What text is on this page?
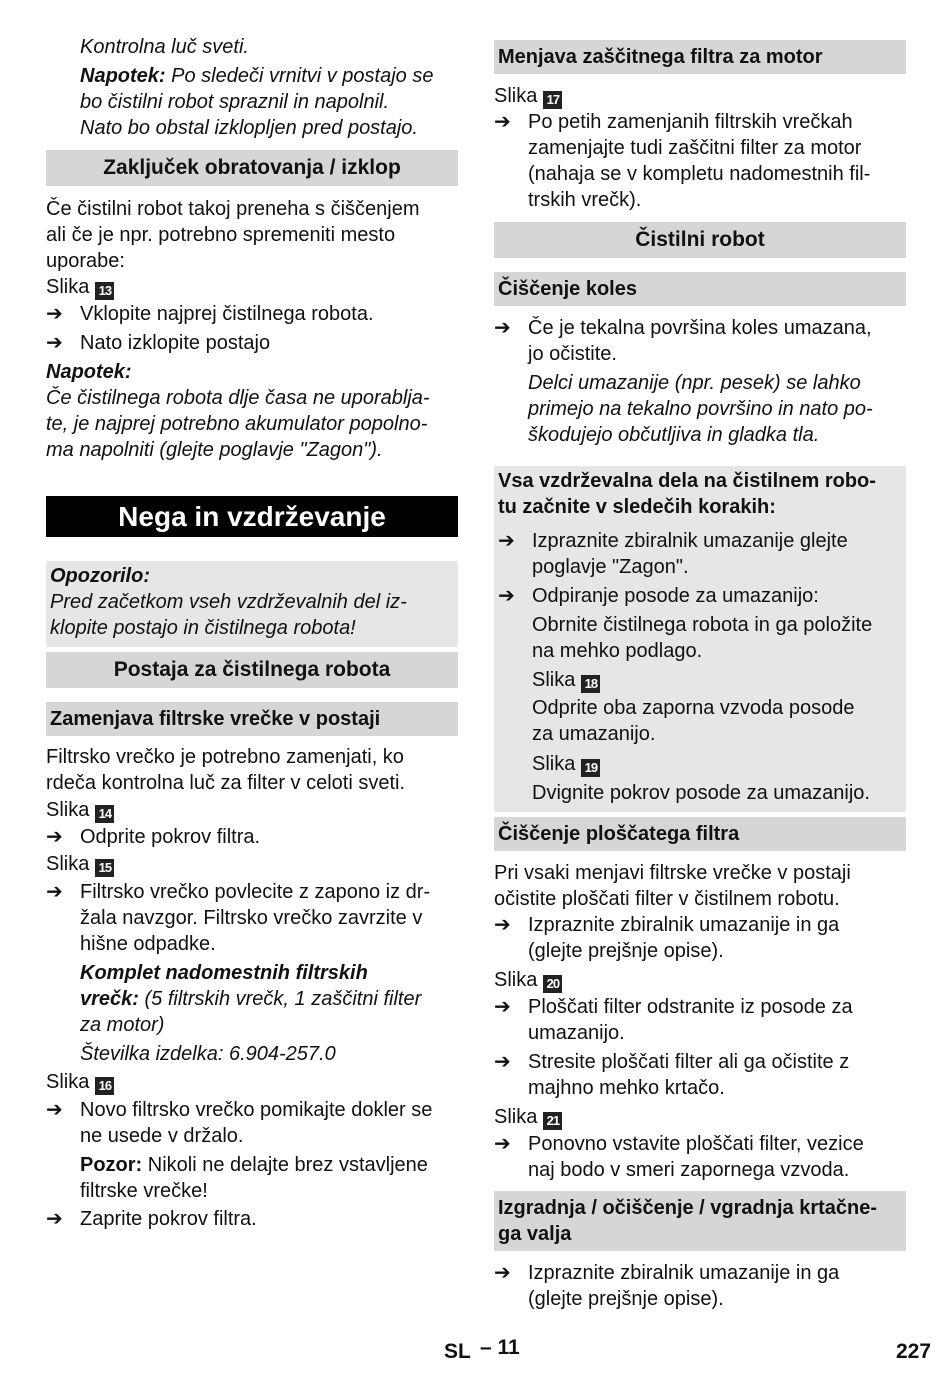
Kontrolna luč sveti.

Napotek: Po sledeči vrnitvi v postajo se

bo čistilni robot spraznil in napolnil.

Nato bo obstal izklopljen pred postajo.

Zaključek obratovanja / izklop

Če čistilni robot takoj preneha s čiščenjem

ali če je npr. potrebno spremeniti mesto

uporabe:

Slika 13

➔ Vklopite najprej čistilnega robota.

➔ Nato izklopite postajo

Napotek:

Če čistilnega robota dlje časa ne uporablja-

te, je najprej potrebno akumulator popolno-

ma napolniti (glejte poglavje "Zagon").

Nega in vzdrževanje

Opozorilo:

Pred začetkom vseh vzdrževalnih del iz-

klopite postajo in čistilnega robota!

Postaja za čistilnega robota
Zamenjava filtrske vrečke v postaji

Filtrsko vrečko je potrebno zamenjati, ko

rdeča kontrolna luč za filter v celoti sveti.

Slika 14

➔ Odprite pokrov filtra.

Slika 15

➔ Filtrsko vrečko povlecite z zapono iz dr-

žala navzgor. Filtrsko vrečko zavrzite v

hišne odpadke.

Komplet nadomestnih filtrskih

vrečk: (5 filtrskih vrečk, 1 zaščitni filter

za motor)

Številka izdelka: 6.904-257.0

Slika 16

➔ Novo filtrsko vrečko pomikajte dokler se

ne usede v držalo.

Pozor: Nikoli ne delajte brez vstavljene

filtrske vrečke!

➔ Zaprite pokrov filtra.

Menjava zaščitnega filtra za motor

Slika 17

➔ Po petih zamenjanih filtrskih vrečkah

zamenjajte tudi zaščitni filter za motor

(nahaja se v kompletu nadomestnih fil-

trskih vrečk).

Čistilni robot
Čiščenje koles

➔ Če je tekalna površina koles umazana,

jo očistite.

Delci umazanije (npr. pesek) se lahko

primejo na tekalno površino in nato po-

škodujejo občutljiva in gladka tla.

Vsa vzdrževalna dela na čistilnem robo-

tu začnite v sledečih korakih:

➔ Izpraznite zbiralnik umazanije glejte

poglavje "Zagon".

➔ Odpiranje posode za umazanijo:

Obrnite čistilnega robota in ga položite

na mehko podlago.

Slika 18

Odprite oba zaporna vzvoda posode

za umazanijo.

Slika 19

Dvignite pokrov posode za umazanijo.

Čiščenje ploščatega filtra

Pri vsaki menjavi filtrske vrečke v postaji

očistite ploščati filter v čistilnem robotu.

➔ Izpraznite zbiralnik umazanije in ga

(glejte prejšnje opise).

Slika 20

➔ Ploščati filter odstranite iz posode za

umazanijo.

➔ Stresite ploščati filter ali ga očistite z

majhno mehko krtačo.

Slika 21

➔ Ponovno vstavite ploščati filter, vezice

naj bodo v smeri zapornega vzvoda.

Izgradnja / očiščenje / vgradnja krtačne-

ga valja

➔ Izpraznite zbiralnik umazanije in ga

(glejte prejšnje opise).

SL – 11	227
